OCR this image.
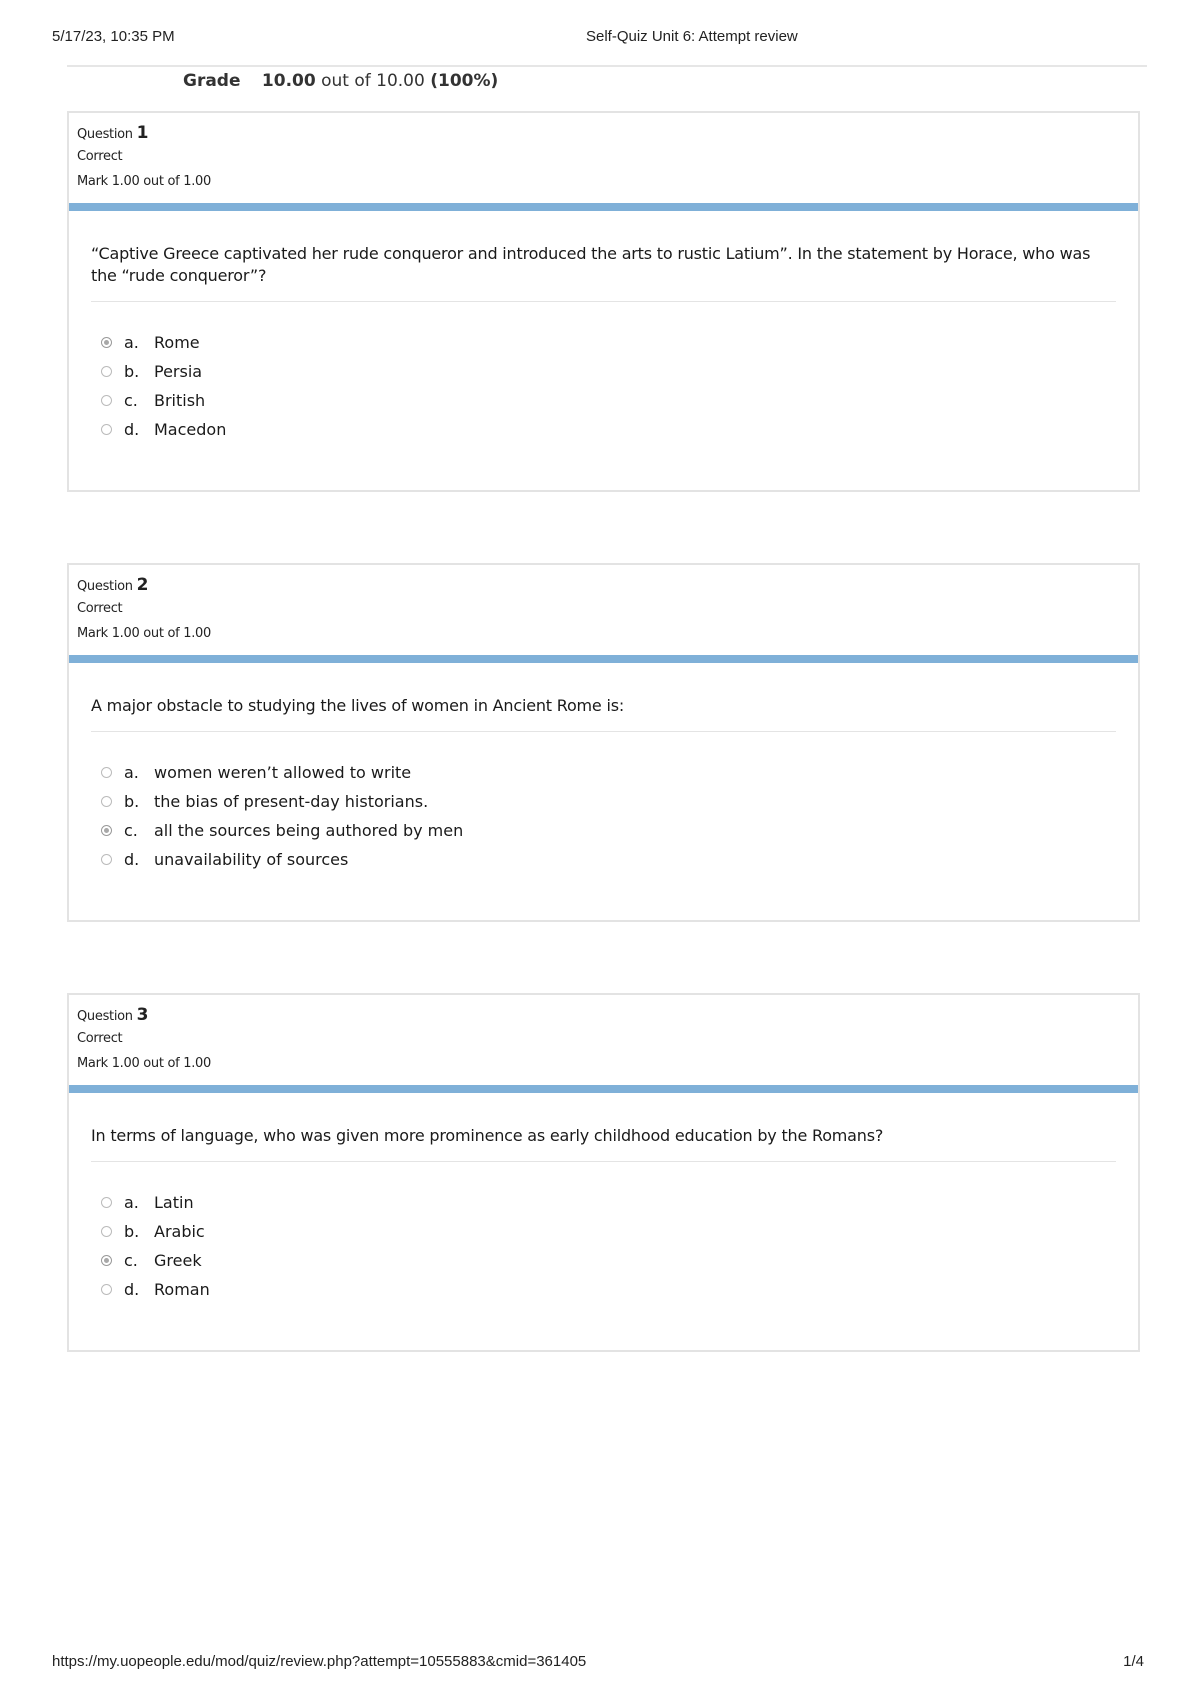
5/17/23, 10:35 PM	Self-Quiz Unit 6: Attempt review
Grade 10.00 out of 10.00 (100%)
Question 1
Correct
Mark 1.00 out of 1.00
“Captive Greece captivated her rude conqueror and introduced the arts to rustic Latium”. In the statement by Horace, who was the “rude conqueror”?
a. Rome
b. Persia
c.	British
d. Macedon
Question 2
Correct
Mark 1.00 out of 1.00
A major obstacle to studying the lives of women in Ancient Rome is:
a. women weren’t allowed to write
b. the bias of present-day historians.
c.	all the sources being authored by men
d. unavailability of sources
Question 3
Correct
Mark 1.00 out of 1.00
In terms of language, who was given more prominence as early childhood education by the Romans?
a. Latin
b. Arabic
c.	Greek
d. Roman
https://my.uopeople.edu/mod/quiz/review.php?attempt=10555883&cmid=361405	1/4
